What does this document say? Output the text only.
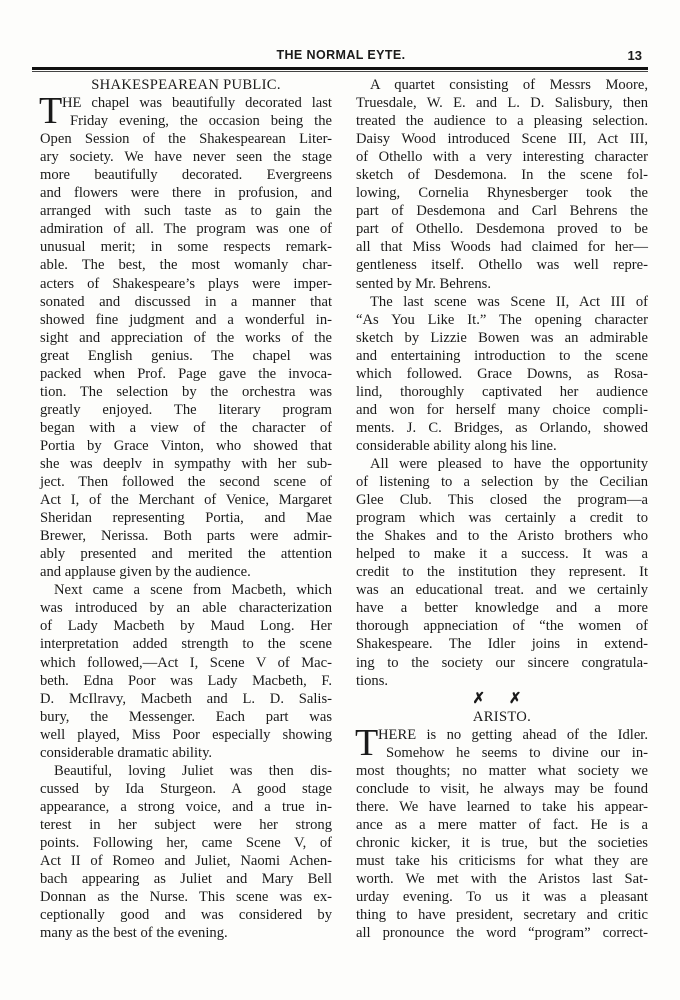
THE NORMAL EYTE.	13
SHAKESPEAREAN PUBLIC.
T HE chapel was beautifully decorated last
Friday evening, the occasion being the
Open Session of the Shakespearean Liter-
ary society. We have never seen the stage
more beautifully decorated. Evergreens
and flowers were there in profusion, and
arranged with such taste as to gain the
admiration of all. The program was one of
unusual merit; in some respects remark-
able. The best, the most womanly char-
acters of Shakespeare’s plays were imper-
sonated and discussed in a manner that
showed fine judgment and a wonderful in-
sight and appreciation of the works of the
great English genius. The chapel was
packed when Prof. Page gave the invoca-
tion. The selection by the orchestra was
greatly enjoyed. The literary program
began with a view of the character of
Portia by Grace Vinton, who showed that
she was deeplv in sympathy with her sub-
ject. Then followed the second scene of
Act I, of the Merchant of Venice, Margaret
Sheridan representing Portia, and Mae
Brewer, Nerissa. Both parts were admir-
ably presented and merited the attention
and applause given by the audience.
Next came a scene from Macbeth, which
was introduced by an able characterization
of Lady Macbeth by Maud Long. Her
interpretation added strength to the scene
which followed,—Act I, Scene V of Mac-
beth. Edna Poor was Lady Macbeth, F.
D. McIlravy, Macbeth and L. D. Salis-
bury, the Messenger. Each part was
well played, Miss Poor especially showing
considerable dramatic ability.
Beautiful, loving Juliet was then dis-
cussed by Ida Sturgeon. A good stage
appearance, a strong voice, and a true in-
terest in her subject were her strong
points. Following her, came Scene V, of
Act II of Romeo and Juliet, Naomi Achen-
bach appearing as Juliet and Mary Bell
Donnan as the Nurse. This scene was ex-
ceptionally good and was considered by
many as the best of the evening.
A quartet consisting of Messrs Moore,
Truesdale, W. E. and L. D. Salisbury, then
treated the audience to a pleasing selection.
Daisy Wood introduced Scene III, Act III,
of Othello with a very interesting character
sketch of Desdemona. In the scene fol-
lowing, Cornelia Rhynesberger took the
part of Desdemona and Carl Behrens the
part of Othello. Desdemona proved to be
all that Miss Woods had claimed for her—
gentleness itself. Othello was well repre-
sented by Mr. Behrens.
The last scene was Scene II, Act III of
“As You Like It.” The opening character
sketch by Lizzie Bowen was an admirable
and entertaining introduction to the scene
which followed. Grace Downs, as Rosa-
lind, thoroughly captivated her audience
and won for herself many choice compli-
ments. J. C. Bridges, as Orlando, showed
considerable ability along his line.
All were pleased to have the opportunity
of listening to a selection by the Cecilian
Glee Club. This closed the program—a
program which was certainly a credit to
the Shakes and to the Aristo brothers who
helped to make it a success. It was a
credit to the institution they represent. It
was an educational treat. and we certainly
have a better knowledge and a more
thorough appneciation of “the women of
Shakespeare. The Idler joins in extend-
ing to the society our sincere congratula-
tions.
✗ ✗
ARISTO.
T HERE is no getting ahead of the Idler.
Somehow he seems to divine our in-
most thoughts; no matter what society we
conclude to visit, he always may be found
there. We have learned to take his appear-
ance as a mere matter of fact. He is a
chronic kicker, it is true, but the societies
must take his criticisms for what they are
worth. We met with the Aristos last Sat-
urday evening. To us it was a pleasant
thing to have president, secretary and critic
all pronounce the word “program” correct-
